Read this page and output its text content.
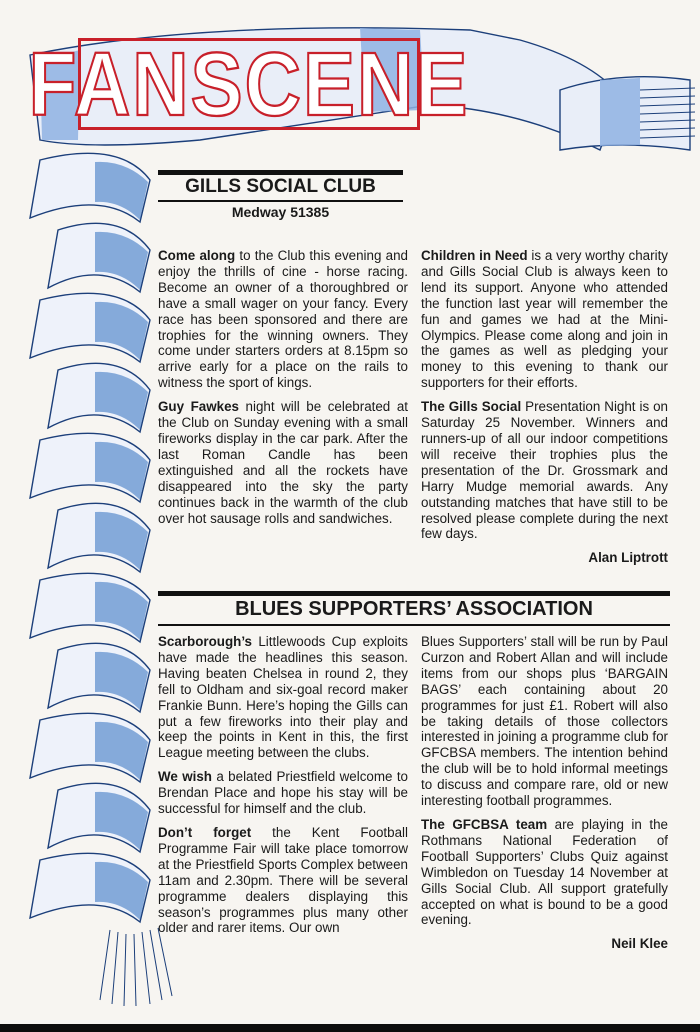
FANSCENE
GILLS SOCIAL CLUB
Medway 51385

Come along to the Club this evening and enjoy the thrills of cine - horse racing. Become an owner of a thoroughbred or have a small wager on your fancy. Every race has been sponsored and there are trophies for the winning owners. They come under starters orders at 8.15pm so arrive early for a place on the rails to witness the sport of kings.

Guy Fawkes night will be celebrated at the Club on Sunday evening with a small fireworks display in the car park. After the last Roman Candle has been extinguished and all the rockets have disappeared into the sky the party continues back in the warmth of the club over hot sausage rolls and sandwiches.

Children in Need is a very worthy charity and Gills Social Club is always keen to lend its support. Anyone who attended the function last year will remember the fun and games we had at the Mini-Olympics. Please come along and join in the games as well as pledging your money to this evening to thank our supporters for their efforts.

The Gills Social Presentation Night is on Saturday 25 November. Winners and runners-up of all our indoor competitions will receive their trophies plus the presentation of the Dr. Grossmark and Harry Mudge memorial awards. Any outstanding matches that have still to be resolved please complete during the next few days.

Alan Liptrott
BLUES SUPPORTERS’ ASSOCIATION

Scarborough’s Littlewoods Cup exploits have made the headlines this season. Having beaten Chelsea in round 2, they fell to Oldham and six-goal record maker Frankie Bunn. Here’s hoping the Gills can put a few fireworks into their play and keep the points in Kent in this, the first League meeting between the clubs.

We wish a belated Priestfield welcome to Brendan Place and hope his stay will be successful for himself and the club.

Don’t forget the Kent Football Programme Fair will take place tomorrow at the Priestfield Sports Complex between 11am and 2.30pm. There will be several programme dealers displaying this season’s programmes plus many other older and rarer items. Our own

Blues Supporters’ stall will be run by Paul Curzon and Robert Allan and will include items from our shops plus ‘BARGAIN BAGS’ each containing about 20 programmes for just £1. Robert will also be taking details of those collectors interested in joining a programme club for GFCBSA members. The intention behind the club will be to hold informal meetings to discuss and compare rare, old or new interesting football programmes.

The GFCBSA team are playing in the Rothmans National Federation of Football Supporters’ Clubs Quiz against Wimbledon on Tuesday 14 November at Gills Social Club. All support gratefully accepted on what is bound to be a good evening.

Neil Klee
